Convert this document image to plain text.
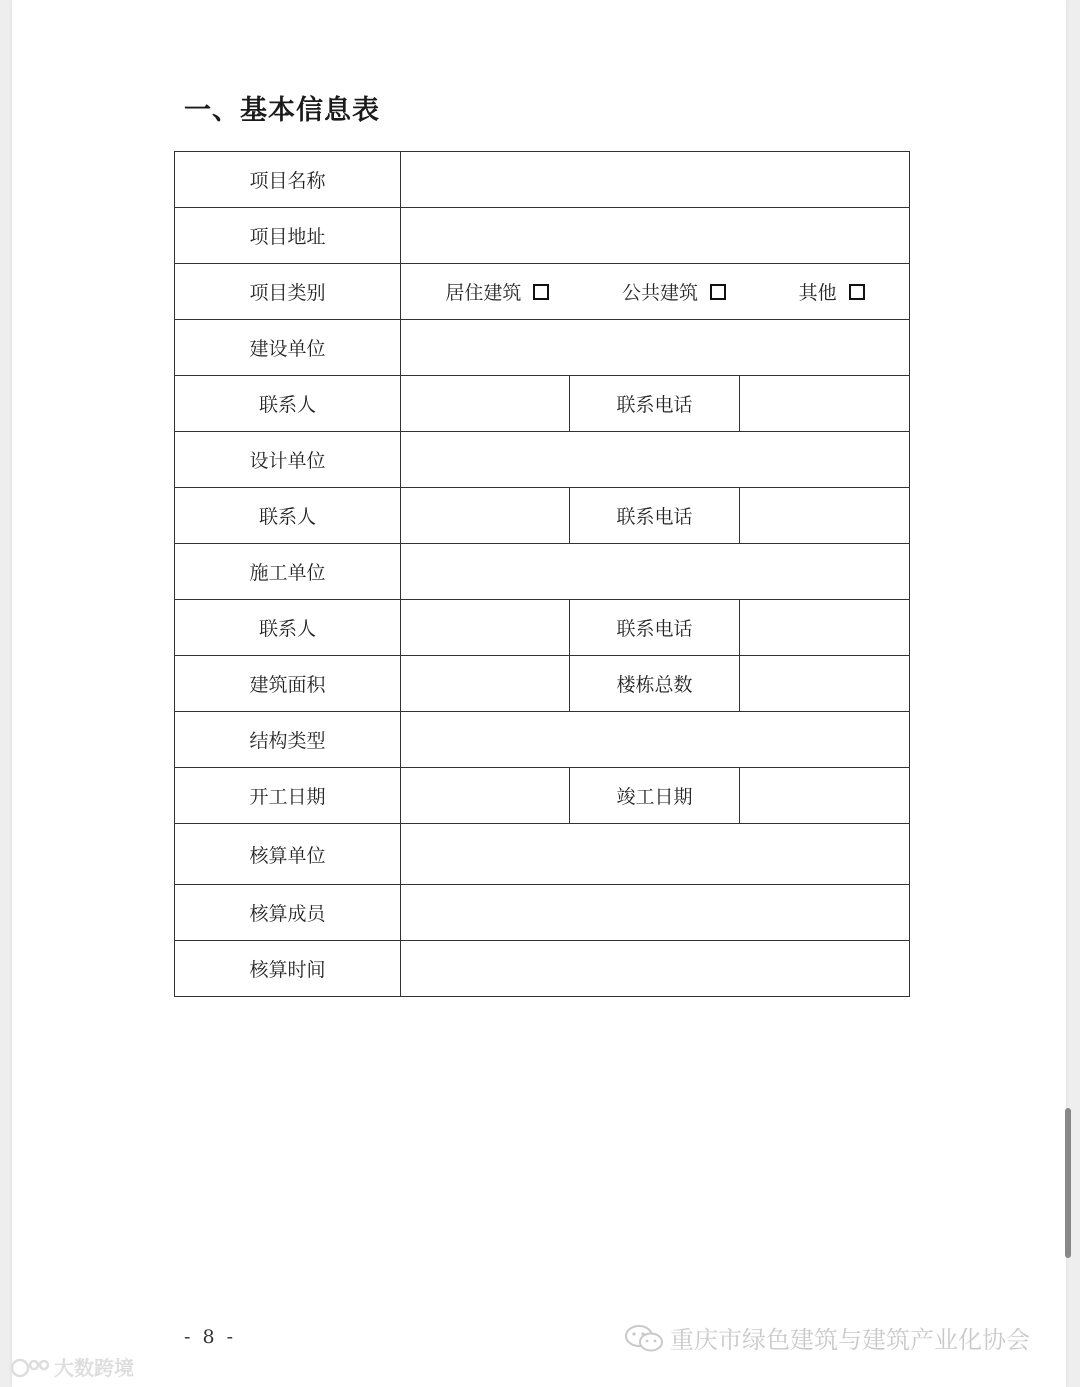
一、基本信息表
项目名称			
项目地址			
项目类别	居住建筑 公共建筑 其他		

建设单位			
联系人		联系电话	
设计单位			
联系人		联系电话	
施工单位			
联系人		联系电话	
建筑面积		楼栋总数	
结构类型			
开工日期		竣工日期	
核算单位			
核算成员			
核算时间			
- 8 -	重庆市绿色建筑与建筑产业化协会
大数跨境
